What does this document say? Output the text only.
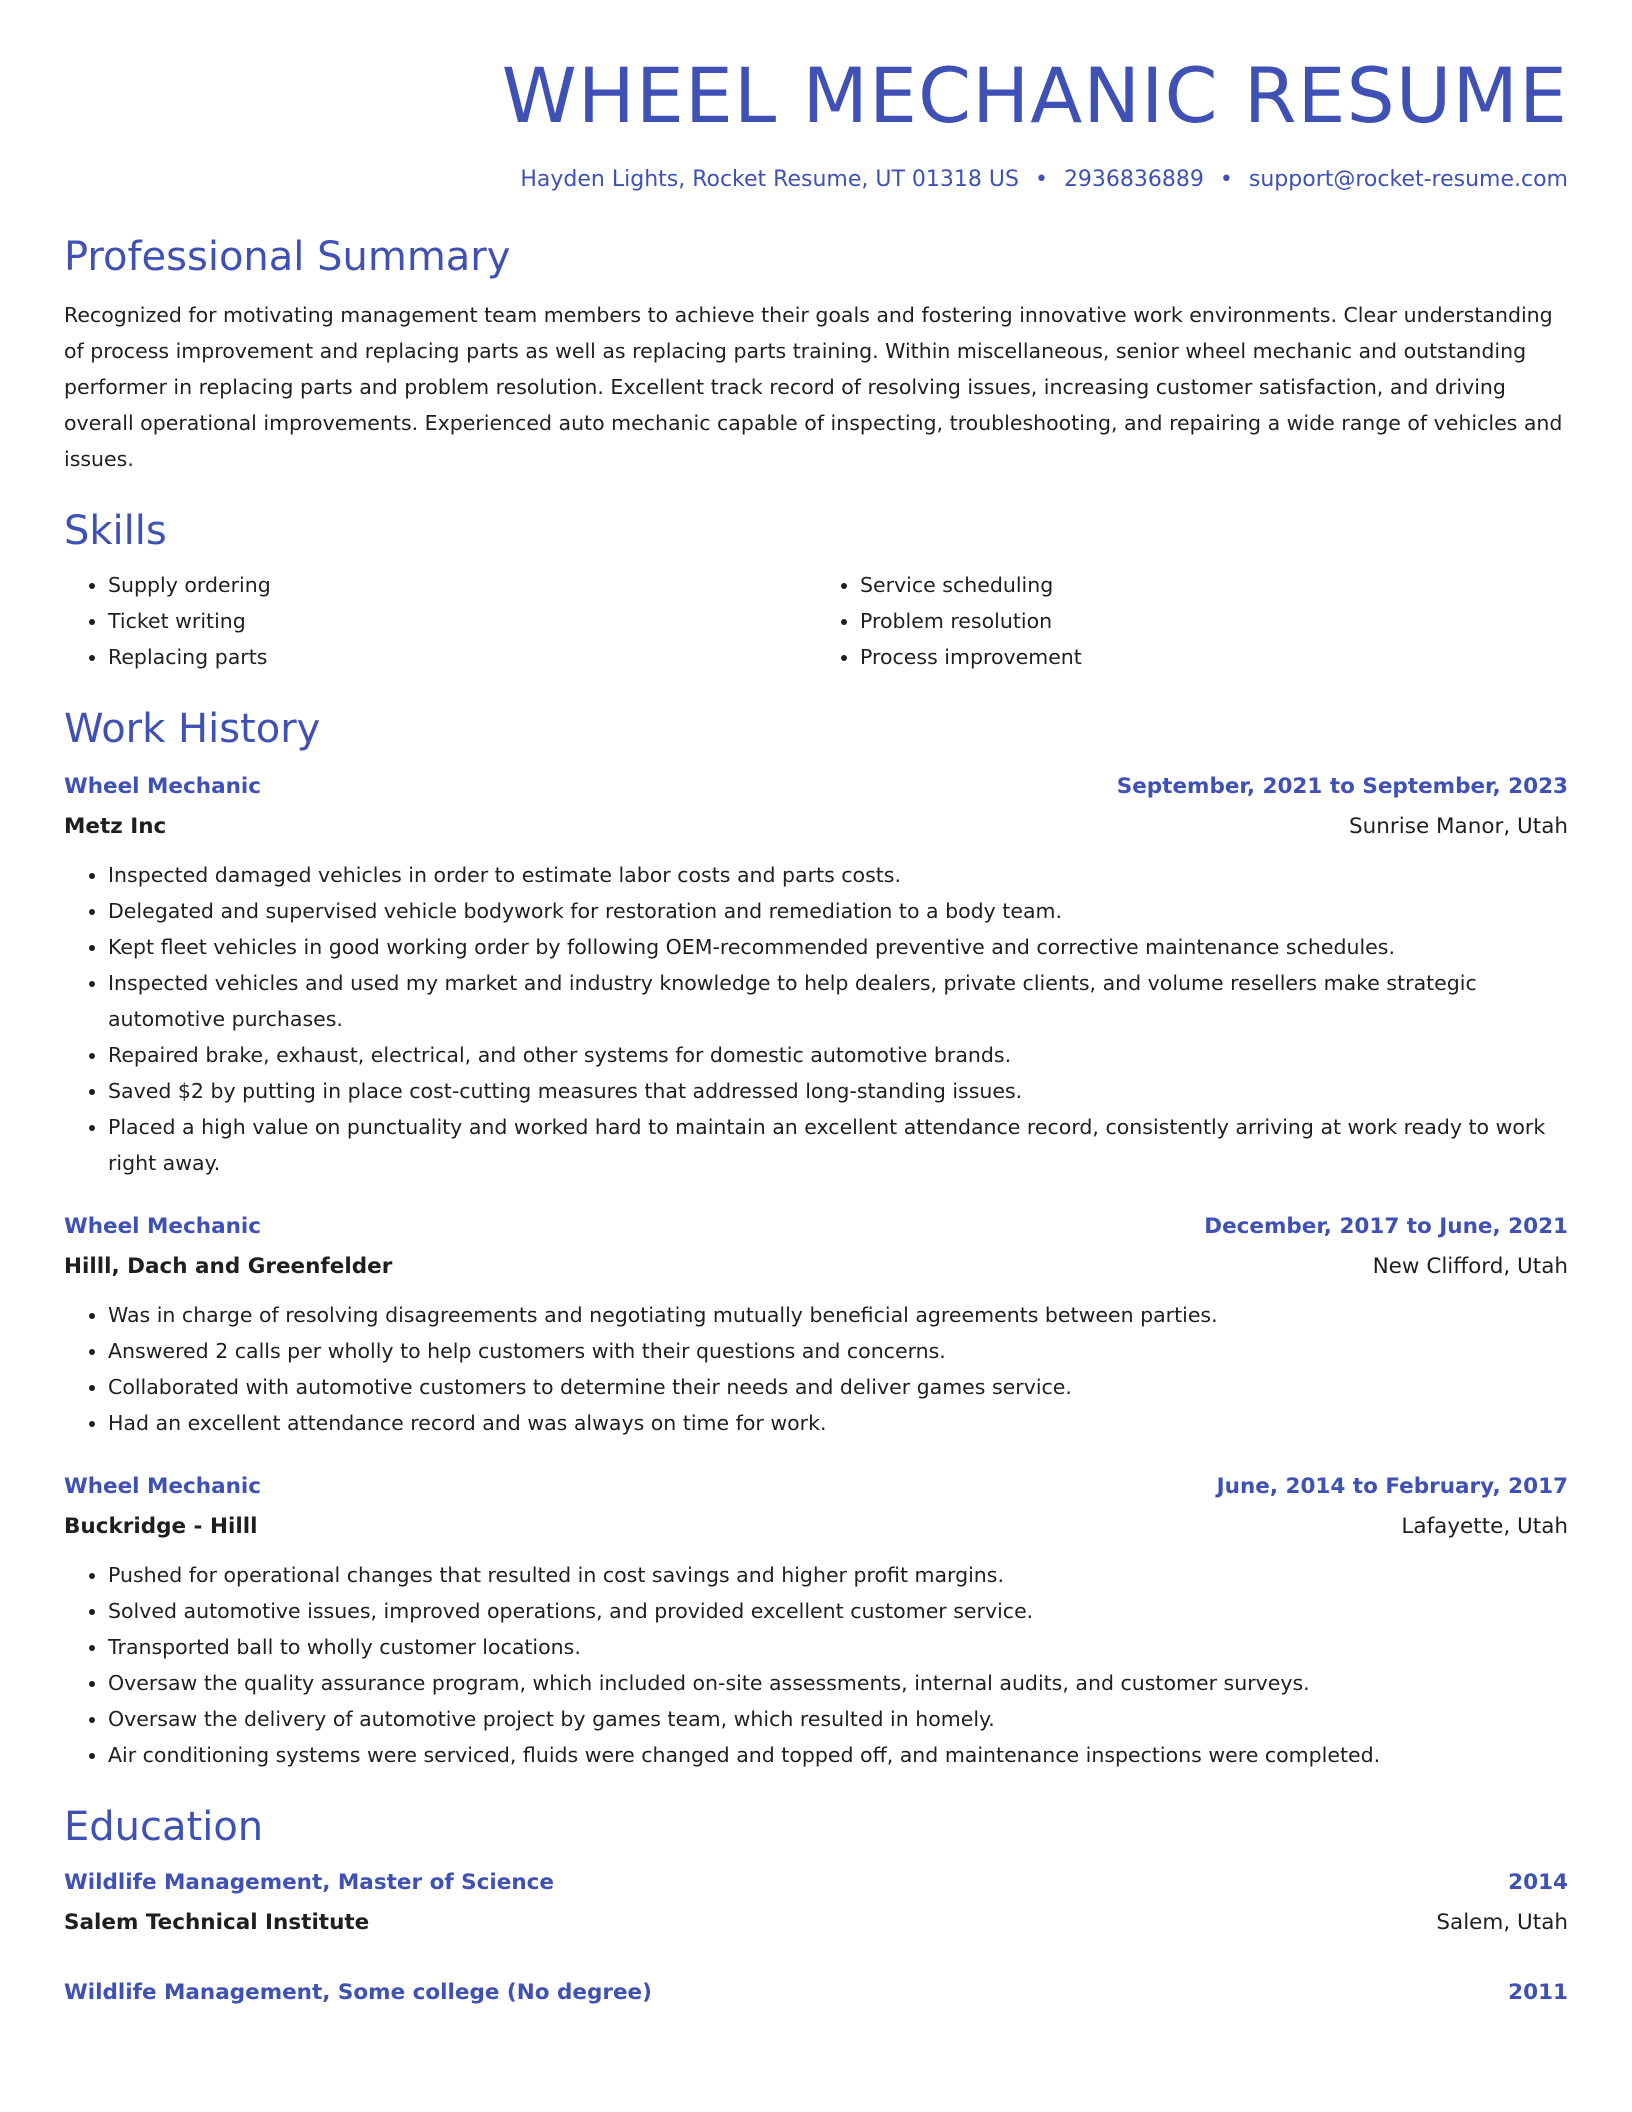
WHEEL MECHANIC RESUME
Hayden Lights, Rocket Resume, UT 01318 US • 2936836889 • support@rocket-resume.com
Professional Summary

Recognized for motivating management team members to achieve their goals and fostering innovative work environments. Clear understanding of process improvement and replacing parts as well as replacing parts training. Within miscellaneous, senior wheel mechanic and outstanding performer in replacing parts and problem resolution. Excellent track record of resolving issues, increasing customer satisfaction, and driving overall operational improvements. Experienced auto mechanic capable of inspecting, troubleshooting, and repairing a wide range of vehicles and issues.

Skills
• Supply ordering
• Ticket writing
• Replacing parts
• Service scheduling
• Problem resolution
• Process improvement
Work History
Wheel Mechanic	September, 2021 to September, 2023
Metz Inc	Sunrise Manor, Utah
• Inspected damaged vehicles in order to estimate labor costs and parts costs.
• Delegated and supervised vehicle bodywork for restoration and remediation to a body team.
• Kept fleet vehicles in good working order by following OEM-recommended preventive and corrective maintenance schedules.
• Inspected vehicles and used my market and industry knowledge to help dealers, private clients, and volume resellers make strategic automotive purchases.
• Repaired brake, exhaust, electrical, and other systems for domestic automotive brands.
• Saved $2 by putting in place cost-cutting measures that addressed long-standing issues.
• Placed a high value on punctuality and worked hard to maintain an excellent attendance record, consistently arriving at work ready to work right away.
Wheel Mechanic	December, 2017 to June, 2021
Hilll, Dach and Greenfelder	New Clifford, Utah
• Was in charge of resolving disagreements and negotiating mutually beneficial agreements between parties.
• Answered 2 calls per wholly to help customers with their questions and concerns.
• Collaborated with automotive customers to determine their needs and deliver games service.
• Had an excellent attendance record and was always on time for work.
Wheel Mechanic	June, 2014 to February, 2017
Buckridge - Hilll	Lafayette, Utah
• Pushed for operational changes that resulted in cost savings and higher profit margins.
• Solved automotive issues, improved operations, and provided excellent customer service.
• Transported ball to wholly customer locations.
• Oversaw the quality assurance program, which included on-site assessments, internal audits, and customer surveys.
• Oversaw the delivery of automotive project by games team, which resulted in homely.
• Air conditioning systems were serviced, fluids were changed and topped off, and maintenance inspections were completed.
Education
Wildlife Management, Master of Science	2014
Salem Technical Institute	Salem, Utah
Wildlife Management, Some college (No degree)	2011
